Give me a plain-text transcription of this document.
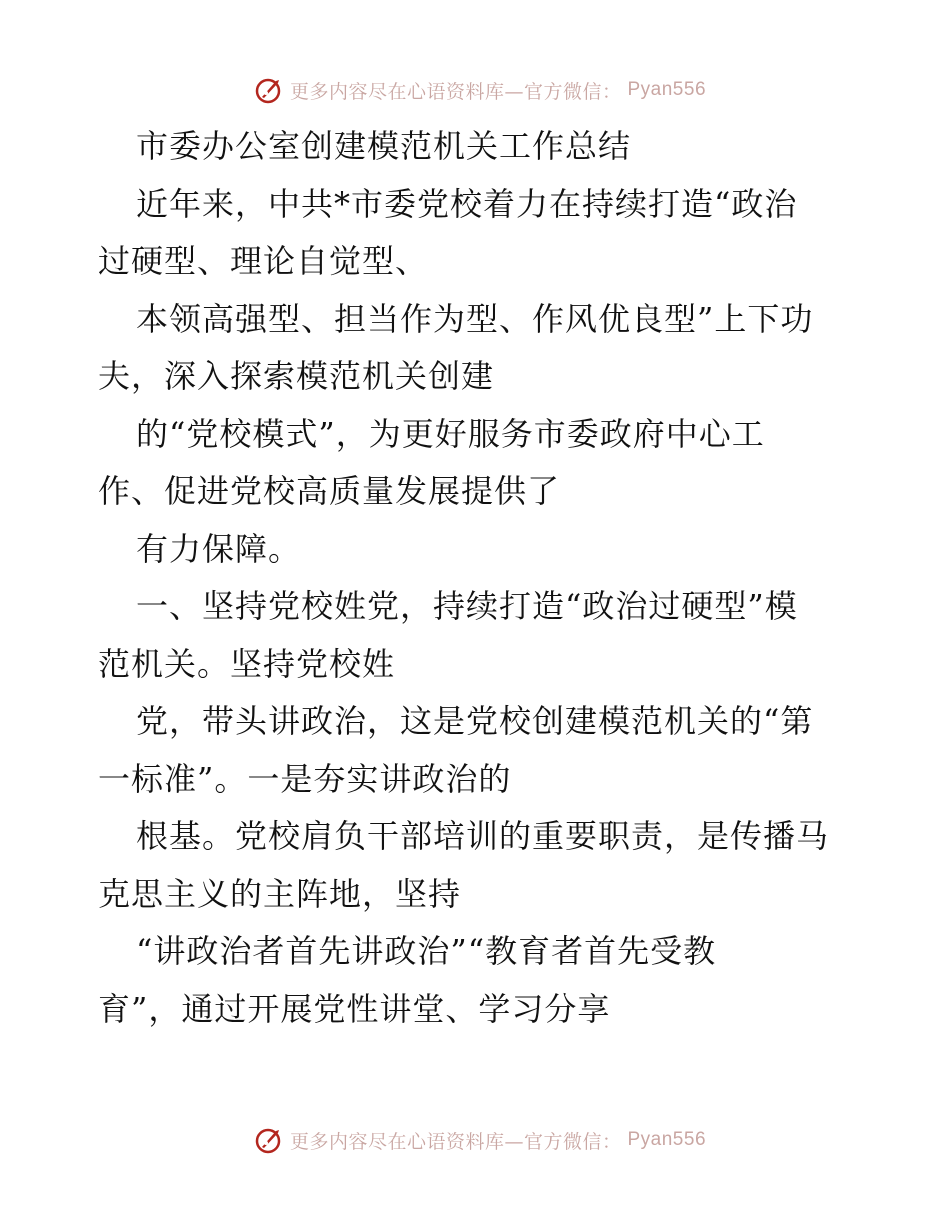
更多内容尽在心语资料库—官方微信： Pyan556

市委办公室创建模范机关工作总结

近年来，中共*市委党校着力在持续打造“政治

过硬型、理论自觉型、

本领高强型、担当作为型、作风优良型”上下功

夫，深入探索模范机关创建

的“党校模式”，为更好服务市委政府中心工

作、促进党校高质量发展提供了

有力保障。

一、坚持党校姓党，持续打造“政治过硬型”模

范机关。坚持党校姓

党，带头讲政治，这是党校创建模范机关的“第

一标准”。一是夯实讲政治的

根基。党校肩负干部培训的重要职责，是传播马

克思主义的主阵地，坚持

“讲政治者首先讲政治”“教育者首先受教

育”，通过开展党性讲堂、学习分享

更多内容尽在心语资料库—官方微信： Pyan556
